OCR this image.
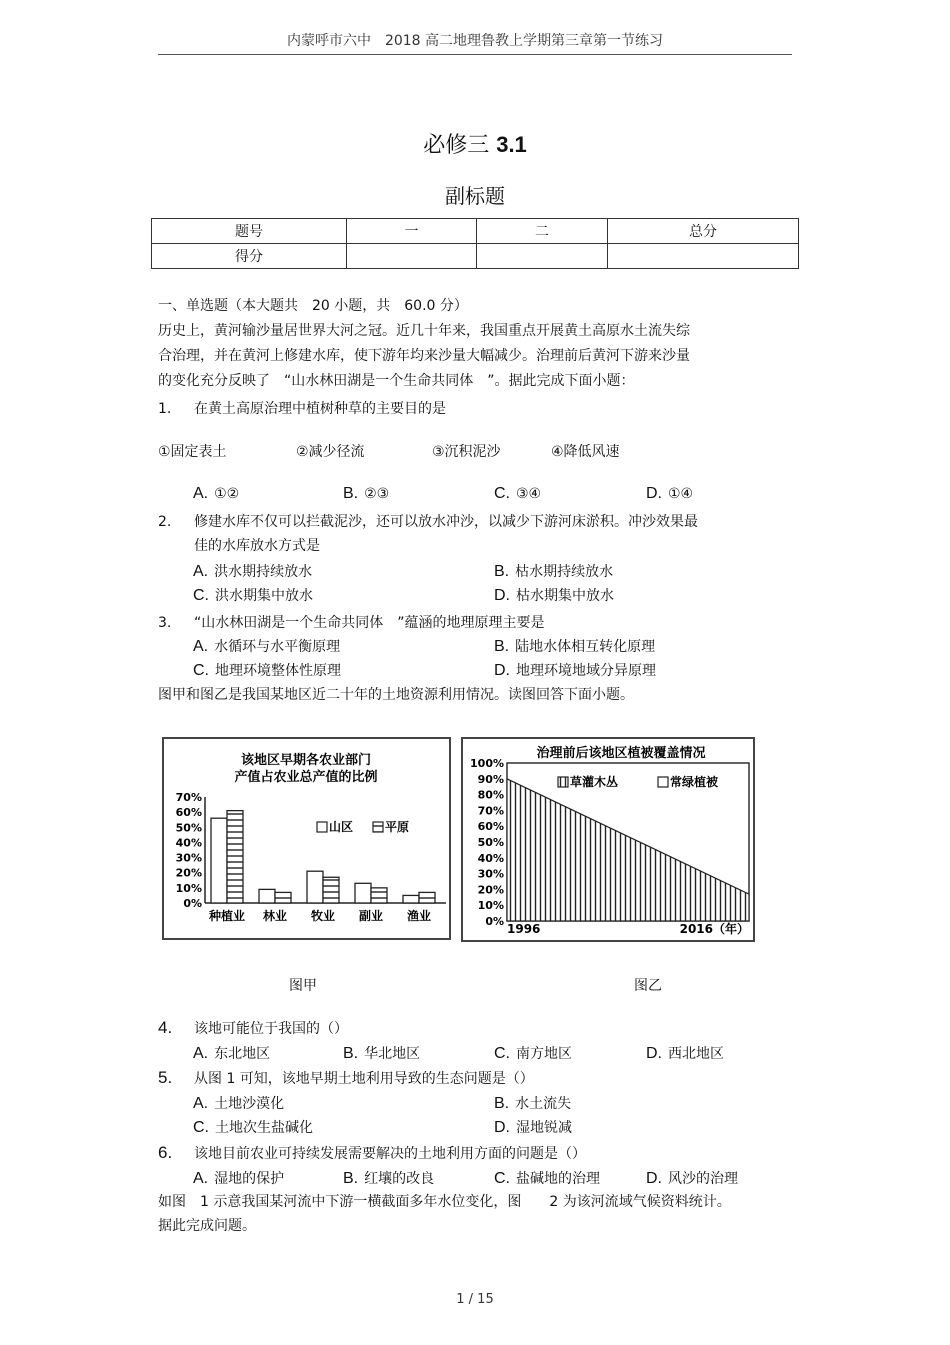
内蒙呼市六中　2018 高二地理鲁教上学期第三章第一节练习
必修三 3.1
副标题
题号	一	二	总分
得分			
一、单选题（本大题共　20 小题，共　60.0 分）
历史上，黄河输沙量居世界大河之冠。近几十年来，我国重点开展黄土高原水土流失综
合治理，并在黄河上修建水库，使下游年均来沙量大幅减少。治理前后黄河下游来沙量
的变化充分反映了　“山水林田湖是一个生命共同体　”。据此完成下面小题：
1. 在黄土高原治理中植树种草的主要目的是
①固定表土	②减少径流	③沉积泥沙	④降低风速
A. ①②	B. ②③	C. ③④	D. ①④
2. 修建水库不仅可以拦截泥沙，还可以放水冲沙，以减少下游河床淤积。冲沙效果最
佳的水库放水方式是
A. 洪水期持续放水	B. 枯水期持续放水
C. 洪水期集中放水	D. 枯水期集中放水
3. “山水林田湖是一个生命共同体　”蕴涵的地理原理主要是
A. 水循环与水平衡原理	B. 陆地水体相互转化原理
C. 地理环境整体性原理	D. 地理环境地域分异原理
图甲和图乙是我国某地区近二十年的土地资源利用情况。读图回答下面小题。
该地区早期各农业部门
产值占农业总产值的比例
70%
60%
50%
40%
30%
20%
10%
0%
种植业 林业 牧业 副业 渔业
山区	平原
治理前后该地区植被覆盖情况
100%
90%
80%
70%
60%
50%
40%
30%
20%
10%
0%
草灌木丛	常绿植被
1996	2016（年）
图甲	图乙
4. 该地可能位于我国的（）
A. 东北地区	B. 华北地区	C. 南方地区	D. 西北地区
5. 从图 1 可知，该地早期土地利用导致的生态问题是（）
A. 土地沙漠化	B. 水土流失
C. 土地次生盐碱化	D. 湿地锐减
6. 该地目前农业可持续发展需要解决的土地利用方面的问题是（）
A. 湿地的保护	B. 红壤的改良	C. 盐碱地的治理	D. 风沙的治理
如图　1 示意我国某河流中下游一横截面多年水位变化，图　　2 为该河流域气候资料统计。
据此完成问题。
1 / 15
